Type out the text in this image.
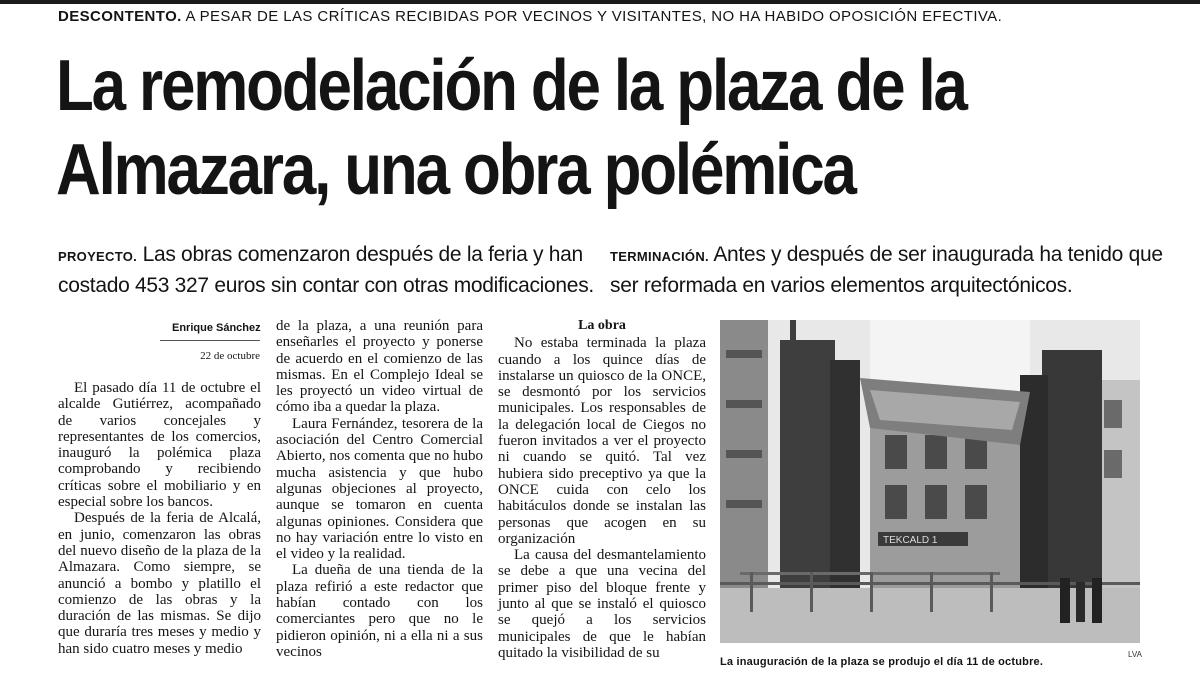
DESCONTENTO. A PESAR DE LAS CRÍTICAS RECIBIDAS POR VECINOS Y VISITANTES, NO HA HABIDO OPOSICIÓN EFECTIVA.
La remodelación de la plaza de la
Almazara, una obra polémica
PROYECTO. Las obras comenzaron después de la feria y han costado 453 327 euros sin contar con otras modificaciones.
TERMINACIÓN. Antes y después de ser inaugurada ha tenido que ser reformada en varios elementos arquitectónicos.
Enrique Sánchez
22 de octubre

El pasado día 11 de octubre el alcalde Gutiérrez, acompañado de varios concejales y representantes de los comercios, inauguró la polémica plaza comprobando y recibiendo críticas sobre el mobiliario y en especial sobre los bancos.

Después de la feria de Alcalá, en junio, comenzaron las obras del nuevo diseño de la plaza de la Almazara. Como siempre, se anunció a bombo y platillo el comienzo de las obras y la duración de las mismas. Se dijo que duraría tres meses y medio y han sido cuatro meses y medio

de la plaza, a una reunión para enseñarles el proyecto y ponerse de acuerdo en el comienzo de las mismas. En el Complejo Ideal se les proyectó un video virtual de cómo iba a quedar la plaza.

Laura Fernández, tesorera de la asociación del Centro Comercial Abierto, nos comenta que no hubo mucha asistencia y que hubo algunas objeciones al proyecto, aunque se tomaron en cuenta algunas opiniones. Considera que no hay variación entre lo visto en el video y la realidad.

La dueña de una tienda de la plaza refirió a este redactor que habían contado con los comerciantes pero que no le pidieron opinión, ni a ella ni a sus vecinos

La obra

No estaba terminada la plaza cuando a los quince días de instalarse un quiosco de la ONCE, se desmontó por los servicios municipales. Los responsables de la delegación local de Ciegos no fueron invitados a ver el proyecto ni cuando se quitó. Tal vez hubiera sido preceptivo ya que la ONCE cuida con celo los habitáculos donde se instalan las personas que acogen en su organización

La causa del desmantelamiento se debe a que una vecina del primer piso del bloque frente y junto al que se instaló el quiosco se quejó a los servicios municipales de que le habían quitado la visibilidad de su

TEKCALD 1
La inauguración de la plaza se produjo el día 11 de octubre.
LVA
